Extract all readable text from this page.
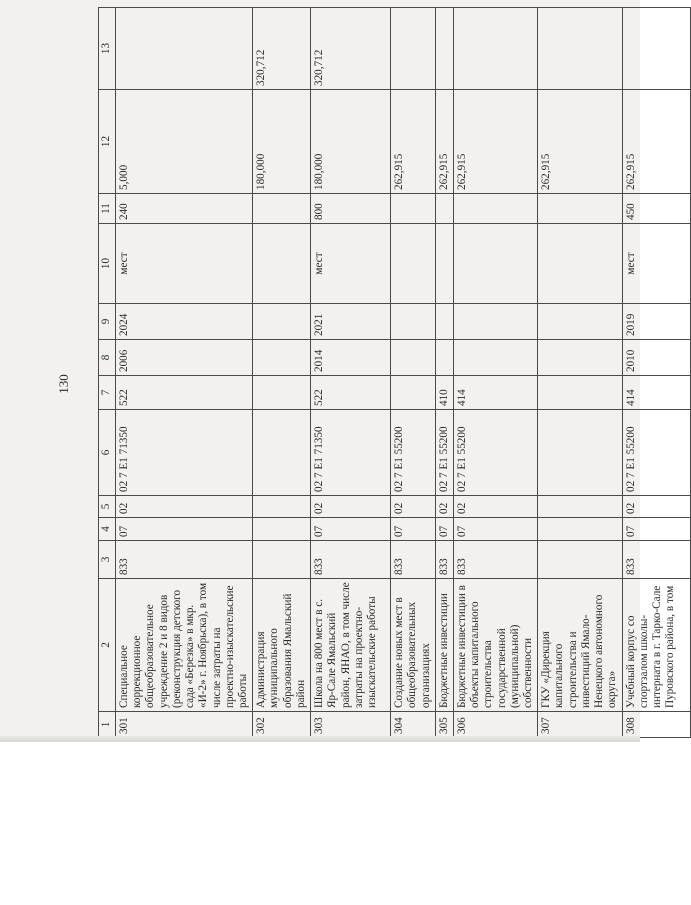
130
1	2	3	4	5	6	7	8	9	10	11	12	13
301	Специальное коррекционное общеобразовательное учреждение 2 и 8 видов (реконструкция детского сада «Березка» в мкр. «И-2» г. Ноябрьска), в том числе затраты на проектно-изыскательские работы	833	07	02	02 7 E1 71350	522	2006	2024	мест	240	5,000	
302	Администрация муниципального образования Ямальский район										180,000	320,712
303	Школа на 800 мест в с. Яр-Сале Ямальский район, ЯНАО, в том числе затраты на проектно-изыскательские работы	833	07	02	02 7 E1 71350	522	2014	2021	мест	800	180,000	320,712
304	Создание новых мест в общеобразовательных организациях	833	07	02	02 7 E1 55200						262,915	
305	Бюджетные инвестиции	833	07	02	02 7 E1 55200	410					262,915	
306	Бюджетные инвестиции в объекты капитального строительства государственной (муниципальной) собственности	833	07	02	02 7 E1 55200	414					262,915	
307	ГКУ «Дирекция капитального строительства и инвестиций Ямало-Ненецкого автономного округа»										262,915	
308	Учебный корпус со спортзалом школы-интерната в г. Тарко-Сале Пуровского района, в том	833	07	02	02 7 E1 55200	414	2010	2019	мест	450	262,915	
